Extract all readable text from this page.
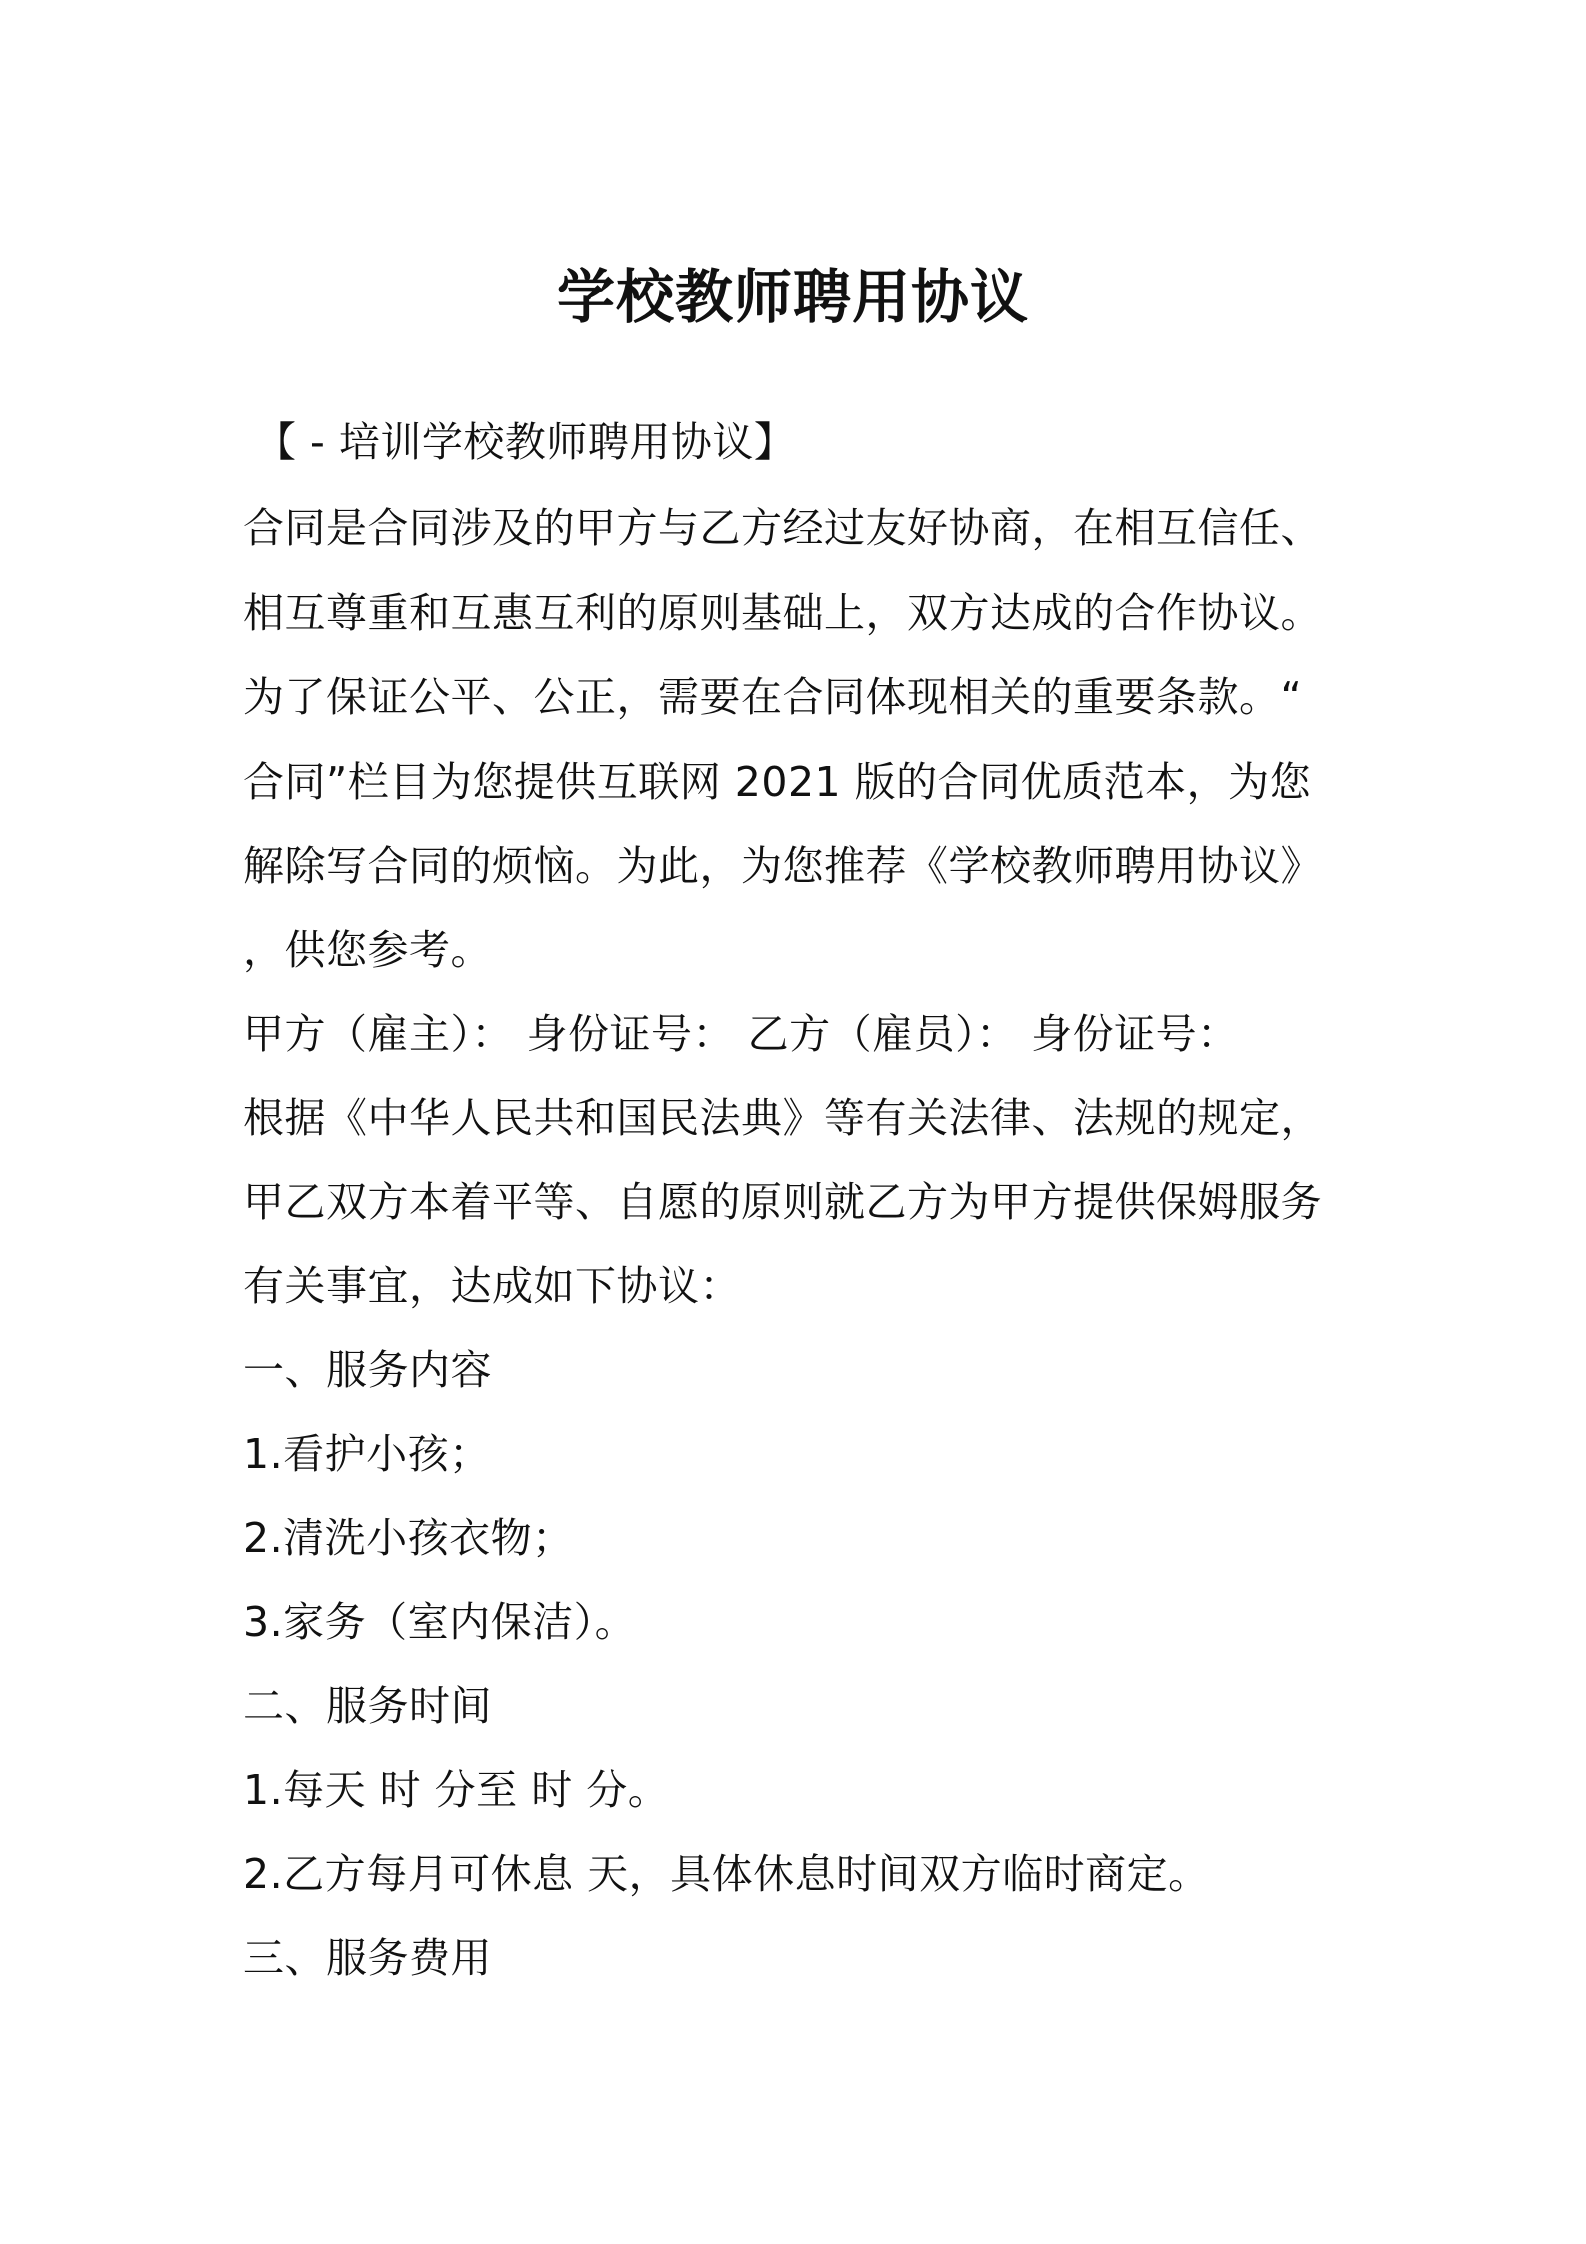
学校教师聘用协议
【 - 培训学校教师聘用协议】
合同是合同涉及的甲方与乙方经过友好协商，在相互信任、
相互尊重和互惠互利的原则基础上，双方达成的合作协议。
为了保证公平、公正，需要在合同体现相关的重要条款。“
合同”栏目为您提供互联网 2021 版的合同优质范本，为您
解除写合同的烦恼。为此，为您推荐《学校教师聘用协议》
，供您参考。
甲方（雇主）： 身份证号： 乙方（雇员）： 身份证号：
根据《中华人民共和国民法典》等有关法律、法规的规定，
甲乙双方本着平等、自愿的原则就乙方为甲方提供保姆服务
有关事宜，达成如下协议：
一、服务内容
1.看护小孩；
2.清洗小孩衣物；
3.家务（室内保洁）。
二、服务时间
1.每天 时 分至 时 分。
2.乙方每月可休息 天，具体休息时间双方临时商定。
三、服务费用
